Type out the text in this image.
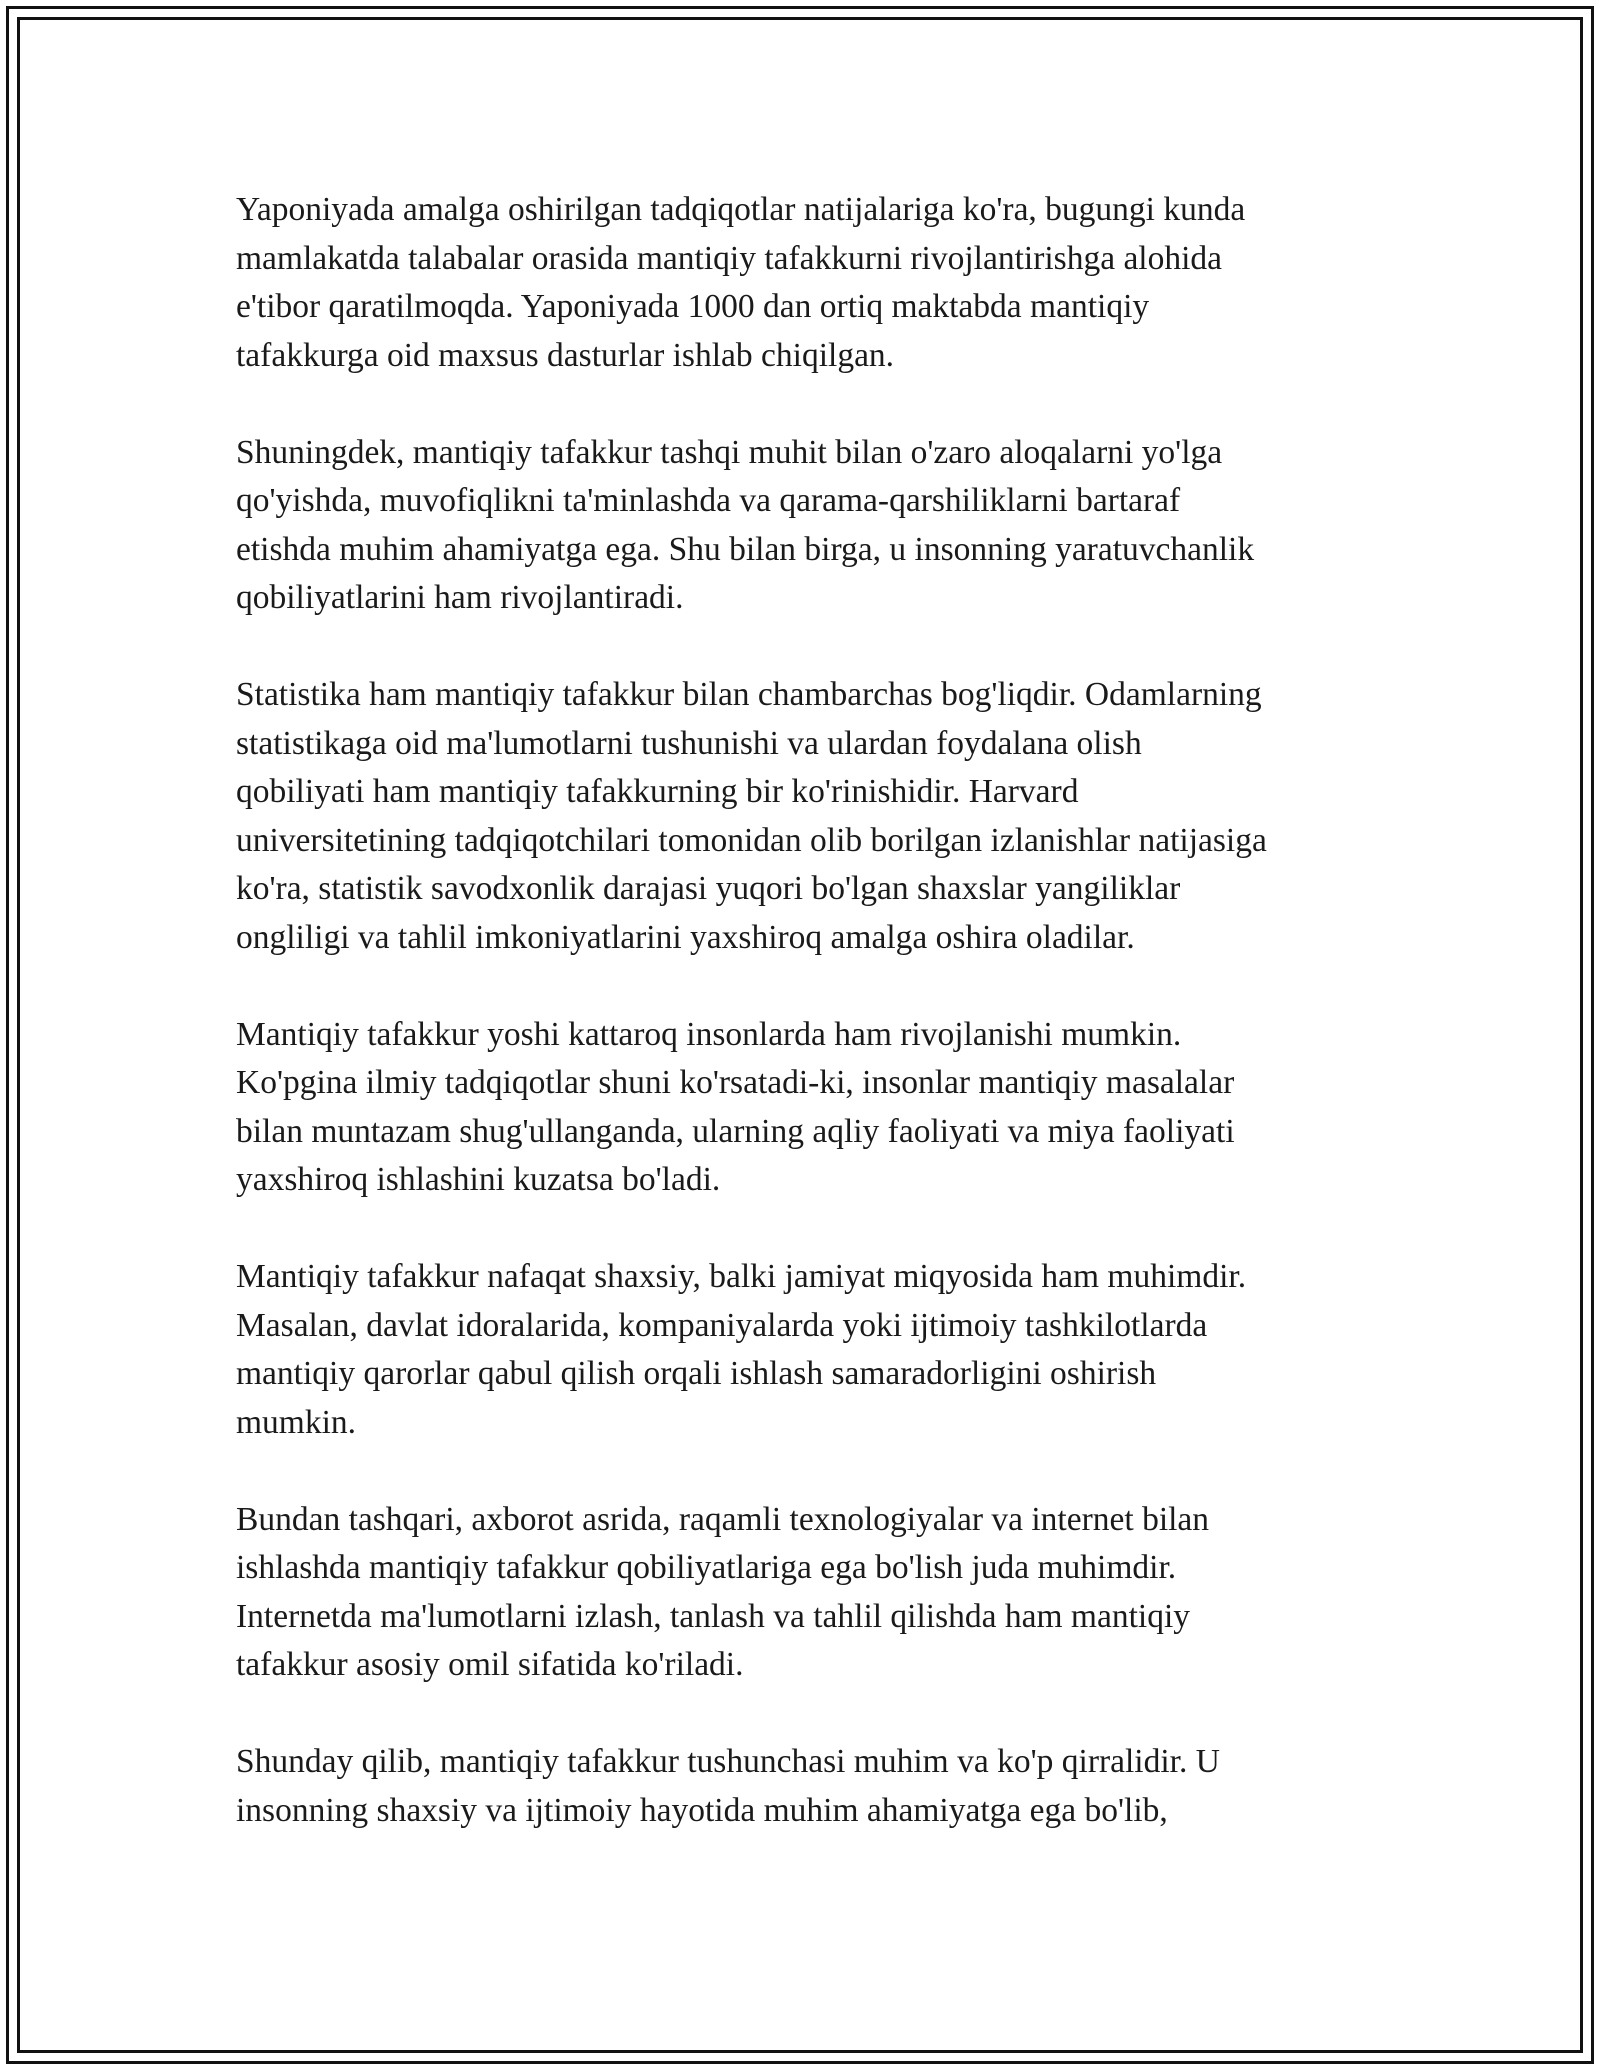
Yaponiyada amalga oshirilgan tadqiqotlar natijalariga ko'ra, bugungi kunda
mamlakatda talabalar orasida mantiqiy tafakkurni rivojlantirishga alohida
e'tibor qaratilmoqda. Yaponiyada 1000 dan ortiq maktabda mantiqiy
tafakkurga oid maxsus dasturlar ishlab chiqilgan.

Shuningdek, mantiqiy tafakkur tashqi muhit bilan o'zaro aloqalarni yo'lga
qo'yishda, muvofiqlikni ta'minlashda va qarama-qarshiliklarni bartaraf
etishda muhim ahamiyatga ega. Shu bilan birga, u insonning yaratuvchanlik
qobiliyatlarini ham rivojlantiradi.

Statistika ham mantiqiy tafakkur bilan chambarchas bog'liqdir. Odamlarning
statistikaga oid ma'lumotlarni tushunishi va ulardan foydalana olish
qobiliyati ham mantiqiy tafakkurning bir ko'rinishidir. Harvard
universitetining tadqiqotchilari tomonidan olib borilgan izlanishlar natijasiga
ko'ra, statistik savodxonlik darajasi yuqori bo'lgan shaxslar yangiliklar
ongliligi va tahlil imkoniyatlarini yaxshiroq amalga oshira oladilar.

Mantiqiy tafakkur yoshi kattaroq insonlarda ham rivojlanishi mumkin.
Ko'pgina ilmiy tadqiqotlar shuni ko'rsatadi-ki, insonlar mantiqiy masalalar
bilan muntazam shug'ullanganda, ularning aqliy faoliyati va miya faoliyati
yaxshiroq ishlashini kuzatsa bo'ladi.

Mantiqiy tafakkur nafaqat shaxsiy, balki jamiyat miqyosida ham muhimdir.
Masalan, davlat idoralarida, kompaniyalarda yoki ijtimoiy tashkilotlarda
mantiqiy qarorlar qabul qilish orqali ishlash samaradorligini oshirish
mumkin.

Bundan tashqari, axborot asrida, raqamli texnologiyalar va internet bilan
ishlashda mantiqiy tafakkur qobiliyatlariga ega bo'lish juda muhimdir.
Internetda ma'lumotlarni izlash, tanlash va tahlil qilishda ham mantiqiy
tafakkur asosiy omil sifatida ko'riladi.

Shunday qilib, mantiqiy tafakkur tushunchasi muhim va ko'p qirralidir. U
insonning shaxsiy va ijtimoiy hayotida muhim ahamiyatga ega bo'lib,
